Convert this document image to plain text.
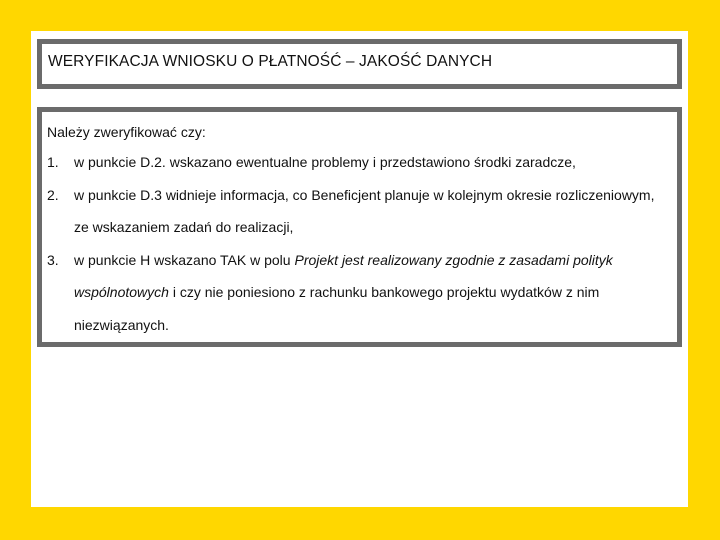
WERYFIKACJA WNIOSKU O PŁATNOŚĆ – JAKOŚĆ DANYCH

Należy zweryfikować czy:

1. w punkcie D.2. wskazano ewentualne problemy i przedstawiono środki zaradcze,
2. w punkcie D.3 widnieje informacja, co Beneficjent planuje w kolejnym okresie rozliczeniowym, ze wskazaniem zadań do realizacji,
3. w punkcie H wskazano TAK w polu Projekt jest realizowany zgodnie z zasadami polityk wspólnotowych i czy nie poniesiono z rachunku bankowego projektu wydatków z nim niezwiązanych.
